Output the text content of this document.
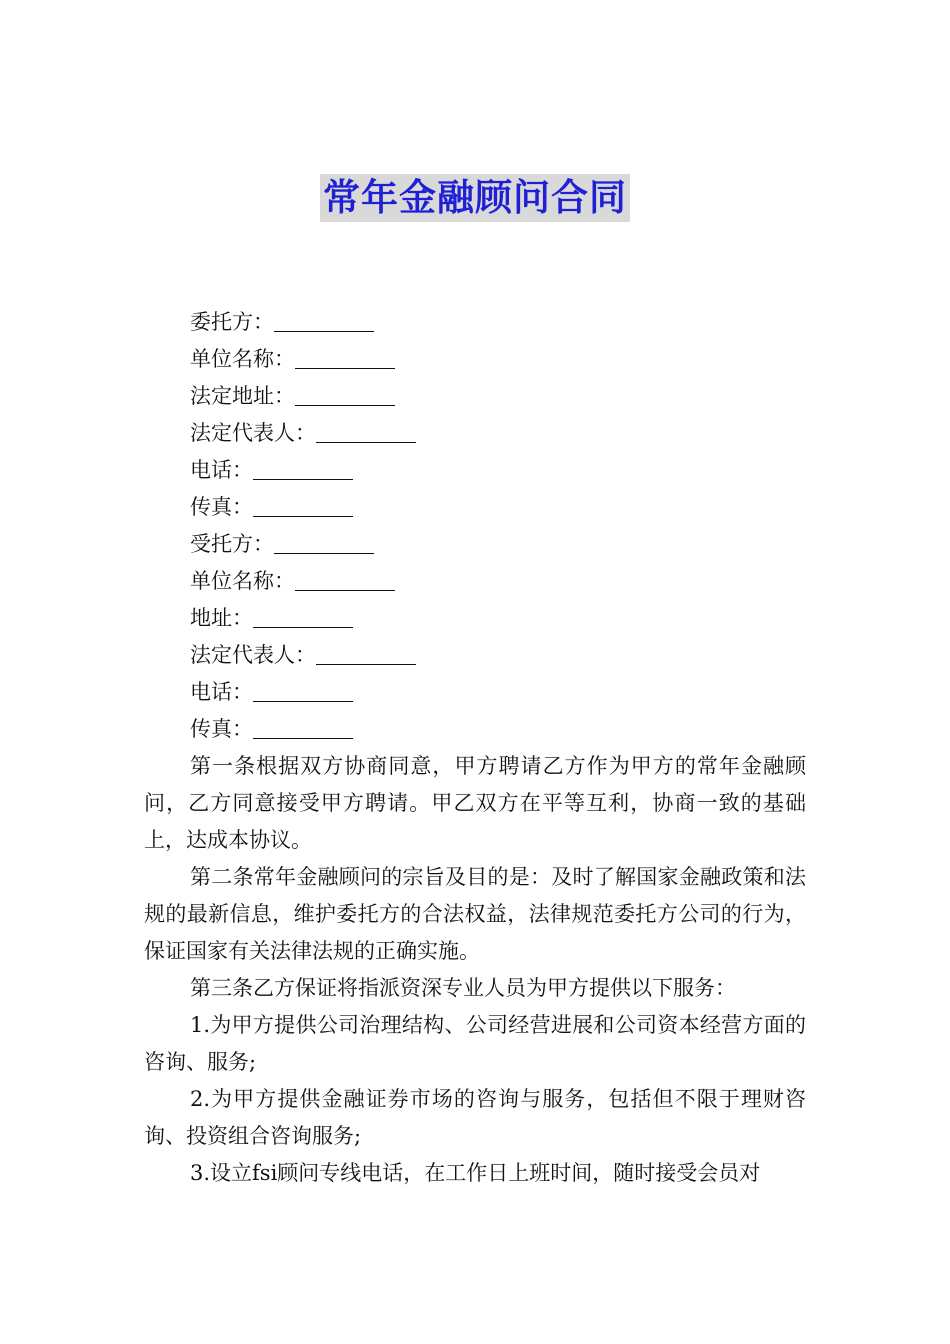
常年金融顾问合同
委托方：
单位名称：
法定地址：
法定代表人：
电话：
传真：
受托方：
单位名称：
地址：
法定代表人：
电话：
传真：

第一条根据双方协商同意，甲方聘请乙方作为甲方的常年金融顾问，乙方同意接受甲方聘请。甲乙双方在平等互利，协商一致的基础上，达成本协议。

第二条常年金融顾问的宗旨及目的是：及时了解国家金融政策和法规的最新信息，维护委托方的合法权益，法律规范委托方公司的行为，保证国家有关法律法规的正确实施。

第三条乙方保证将指派资深专业人员为甲方提供以下服务：

1.为甲方提供公司治理结构、公司经营进展和公司资本经营方面的咨询、服务;

2.为甲方提供金融证券市场的咨询与服务，包括但不限于理财咨询、投资组合咨询服务;

3.设立fsi顾问专线电话，在工作日上班时间，随时接受会员对
